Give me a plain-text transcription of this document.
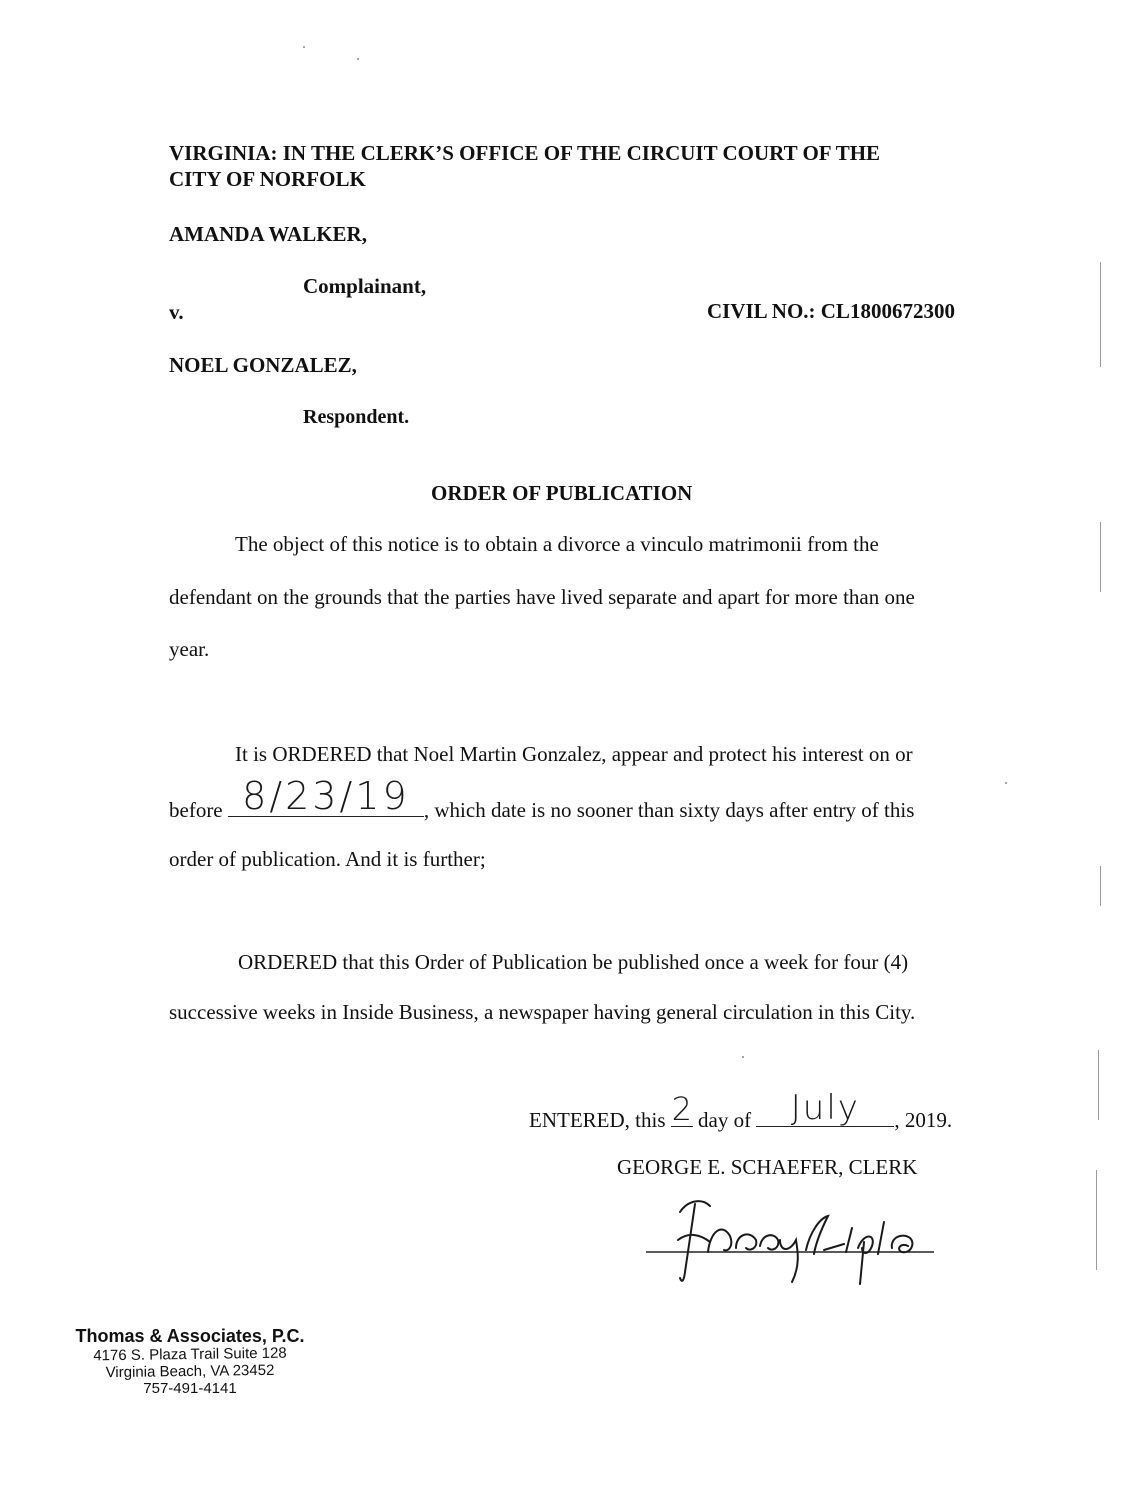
VIRGINIA: IN THE CLERK’S OFFICE OF THE CIRCUIT COURT OF THE
CITY OF NORFOLK
AMANDA WALKER,
Complainant,
v.	CIVIL NO.: CL1800672300
NOEL GONZALEZ,
Respondent.
ORDER OF PUBLICATION
The object of this notice is to obtain a divorce a vinculo matrimonii from the
defendant on the grounds that the parties have lived separate and apart for more than one
year.
It is ORDERED that Noel Martin Gonzalez, appear and protect his interest on or
before 8/23/19 , which date is no sooner than sixty days after entry of this
order of publication. And it is further;
ORDERED that this Order of Publication be published once a week for four (4)
successive weeks in Inside Business, a newspaper having general circulation in this City.
ENTERED, this 2 day of	July	, 2019.
GEORGE E. SCHAEFER, CLERK
Thomas & Associates, P.C.
4176 S. Plaza Trail Suite 128
Virginia Beach, VA 23452
757-491-4141
